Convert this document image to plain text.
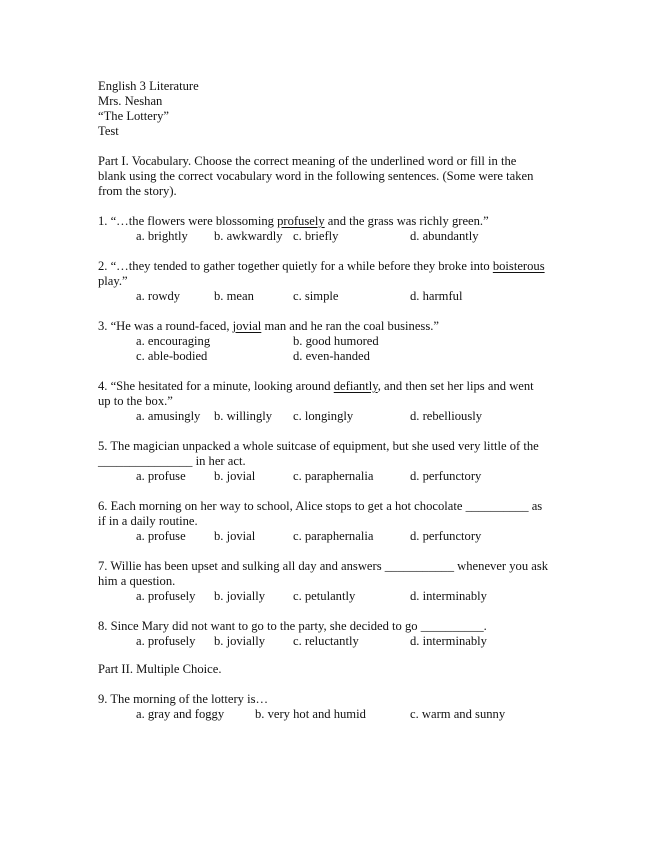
English 3 Literature
Mrs. Neshan
“The Lottery”
Test
Part I. Vocabulary. Choose the correct meaning of the underlined word or fill in the
blank using the correct vocabulary word in the following sentences. (Some were taken
from the story).
1. “…the flowers were blossoming profusely and the grass was richly green.”
a. brightly b. awkwardly c. briefly	d. abundantly
2. “…they tended to gather together quietly for a while before they broke into boisterous
play.”
a. rowdy	b. mean	c. simple	d. harmful
3. “He was a round-faced, jovial man and he ran the coal business.”
a. encouraging	b. good humored
c. able-bodied	d. even-handed
4. “She hesitated for a minute, looking around defiantly, and then set her lips and went
up to the box.”
a. amusingly b. willingly c. longingly	d. rebelliously
5. The magician unpacked a whole suitcase of equipment, but she used very little of the
_______________ in her act.
a. profuse b. jovial	c. paraphernalia	d. perfunctory
6. Each morning on her way to school, Alice stops to get a hot chocolate __________ as
if in a daily routine.
a. profuse b. jovial	c. paraphernalia	d. perfunctory
7. Willie has been upset and sulking all day and answers ___________ whenever you ask
him a question.
a. profusely b. jovially c. petulantly	d. interminably
8. Since Mary did not want to go to the party, she decided to go __________.
a. profusely b. jovially c. reluctantly	d. interminably
Part II. Multiple Choice.
9. The morning of the lottery is…
a. gray and foggy b. very hot and humid	c. warm and sunny
